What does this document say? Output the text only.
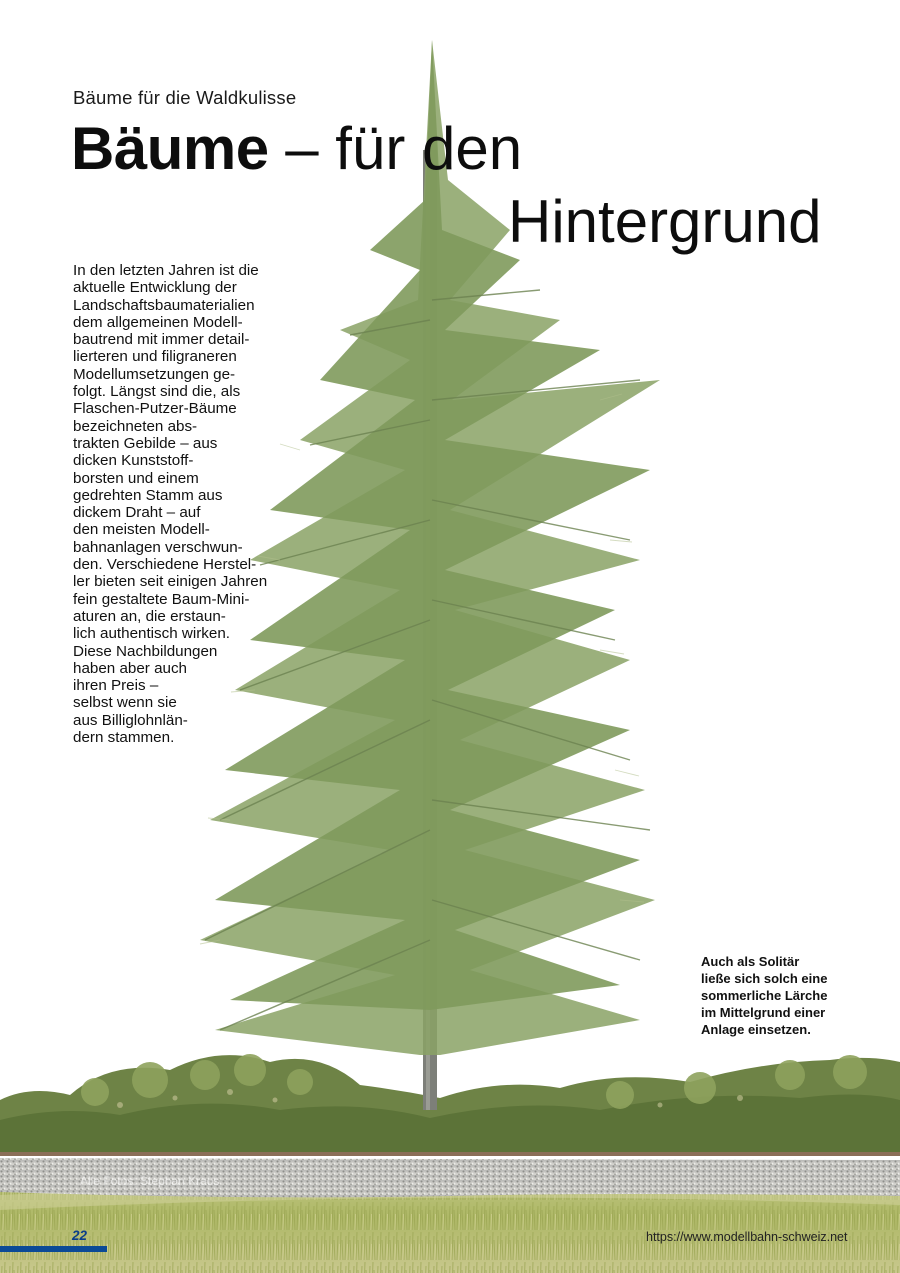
Bäume für die Waldkulisse
Bäume – für den
Hintergrund
In den letzten Jahren ist die
aktuelle Entwicklung der
Landschaftsbaumaterialien
dem allgemeinen Modell-
bautrend mit immer detail-
lierteren und filigraneren
Modellumsetzungen ge-
folgt. Längst sind die, als
Flaschen-Putzer-Bäume
bezeichneten abs-
trakten Gebilde – aus
dicken Kunststoff-
borsten und einem
gedrehten Stamm aus
dickem Draht – auf
den meisten Modell-
bahnanlagen verschwun-
den. Verschiedene Herstel-
ler bieten seit einigen Jahren
fein gestaltete Baum-Mini-
aturen an, die erstaun-
lich authentisch wirken.
Diese Nachbildungen
haben aber auch
ihren Preis –
selbst wenn sie
aus Billiglohnlän-
dern stammen.
Auch als Solitär
ließe sich solch eine
sommerliche Lärche
im Mittelgrund einer
Anlage einsetzen.
Alle Fotos: Stephan Kraus
22	https://www.modellbahn-schweiz.net
